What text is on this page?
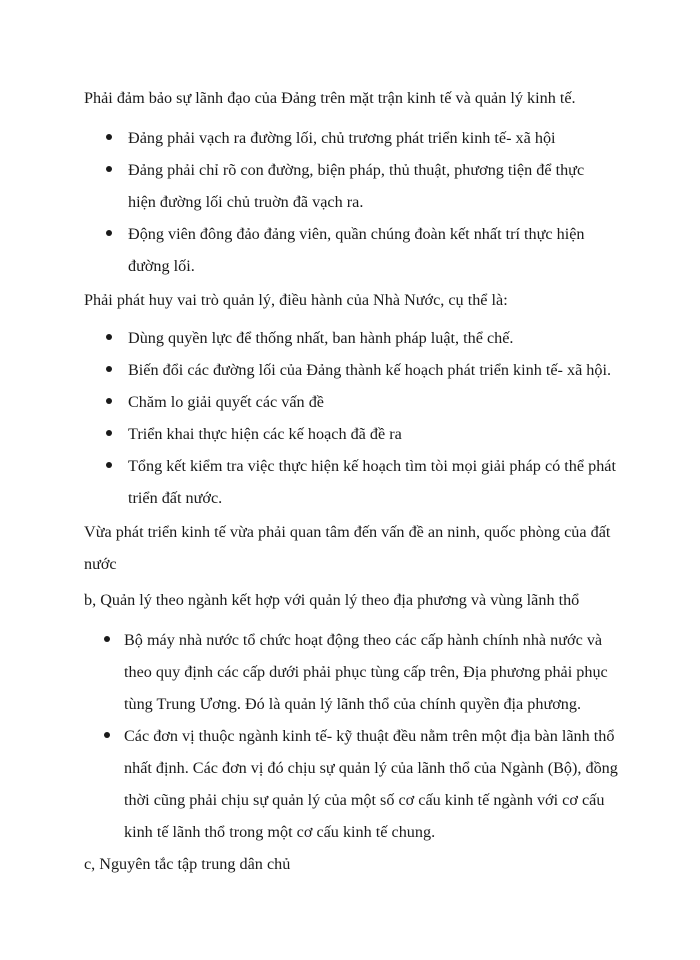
Phải đảm bảo sự lãnh đạo của Đảng trên mặt trận kinh tế và quản lý kinh tế.

Đảng phải vạch ra đường lối, chủ trương phát triển kinh tế- xã hội
Đảng phải chỉ rõ con đường, biện pháp, thủ thuật, phương tiện để thực hiện đường lối chủ truờn đã vạch ra.
Động viên đông đảo đảng viên, quần chúng đoàn kết nhất trí thực hiện đường lối.

Phải phát huy vai trò quản lý, điều hành của Nhà Nước, cụ thể là:

Dùng quyền lực để thống nhất, ban hành pháp luật, thể chế.
Biến đổi các đường lối của Đảng thành kế hoạch phát triển kinh tế- xã hội.
Chăm lo giải quyết các vấn đề
Triển khai thực hiện các kế hoạch đã đề ra
Tổng kết kiểm tra việc thực hiện kế hoạch tìm tòi mọi giải pháp có thể phát triển đất nước.

Vừa phát triển kinh tế vừa phải quan tâm đến vấn đề an ninh, quốc phòng của đất nước

b, Quản lý theo ngành kết hợp với quản lý theo địa phương và vùng lãnh thổ

Bộ máy nhà nước tổ chức hoạt động theo các cấp hành chính nhà nước và theo quy định các cấp dưới phải phục tùng cấp trên, Địa phương phải phục tùng Trung Ương. Đó là quản lý lãnh thổ của chính quyền địa phương.
Các đơn vị thuộc ngành kinh tế- kỹ thuật đều nằm trên một địa bàn lãnh thổ nhất định. Các đơn vị đó chịu sự quản lý của lãnh thổ của Ngành (Bộ), đồng thời cũng phải chịu sự quản lý của một số cơ cấu kinh tế ngành với cơ cấu kinh tế lãnh thổ trong một cơ cấu kinh tế chung.

c, Nguyên tắc tập trung dân chủ
